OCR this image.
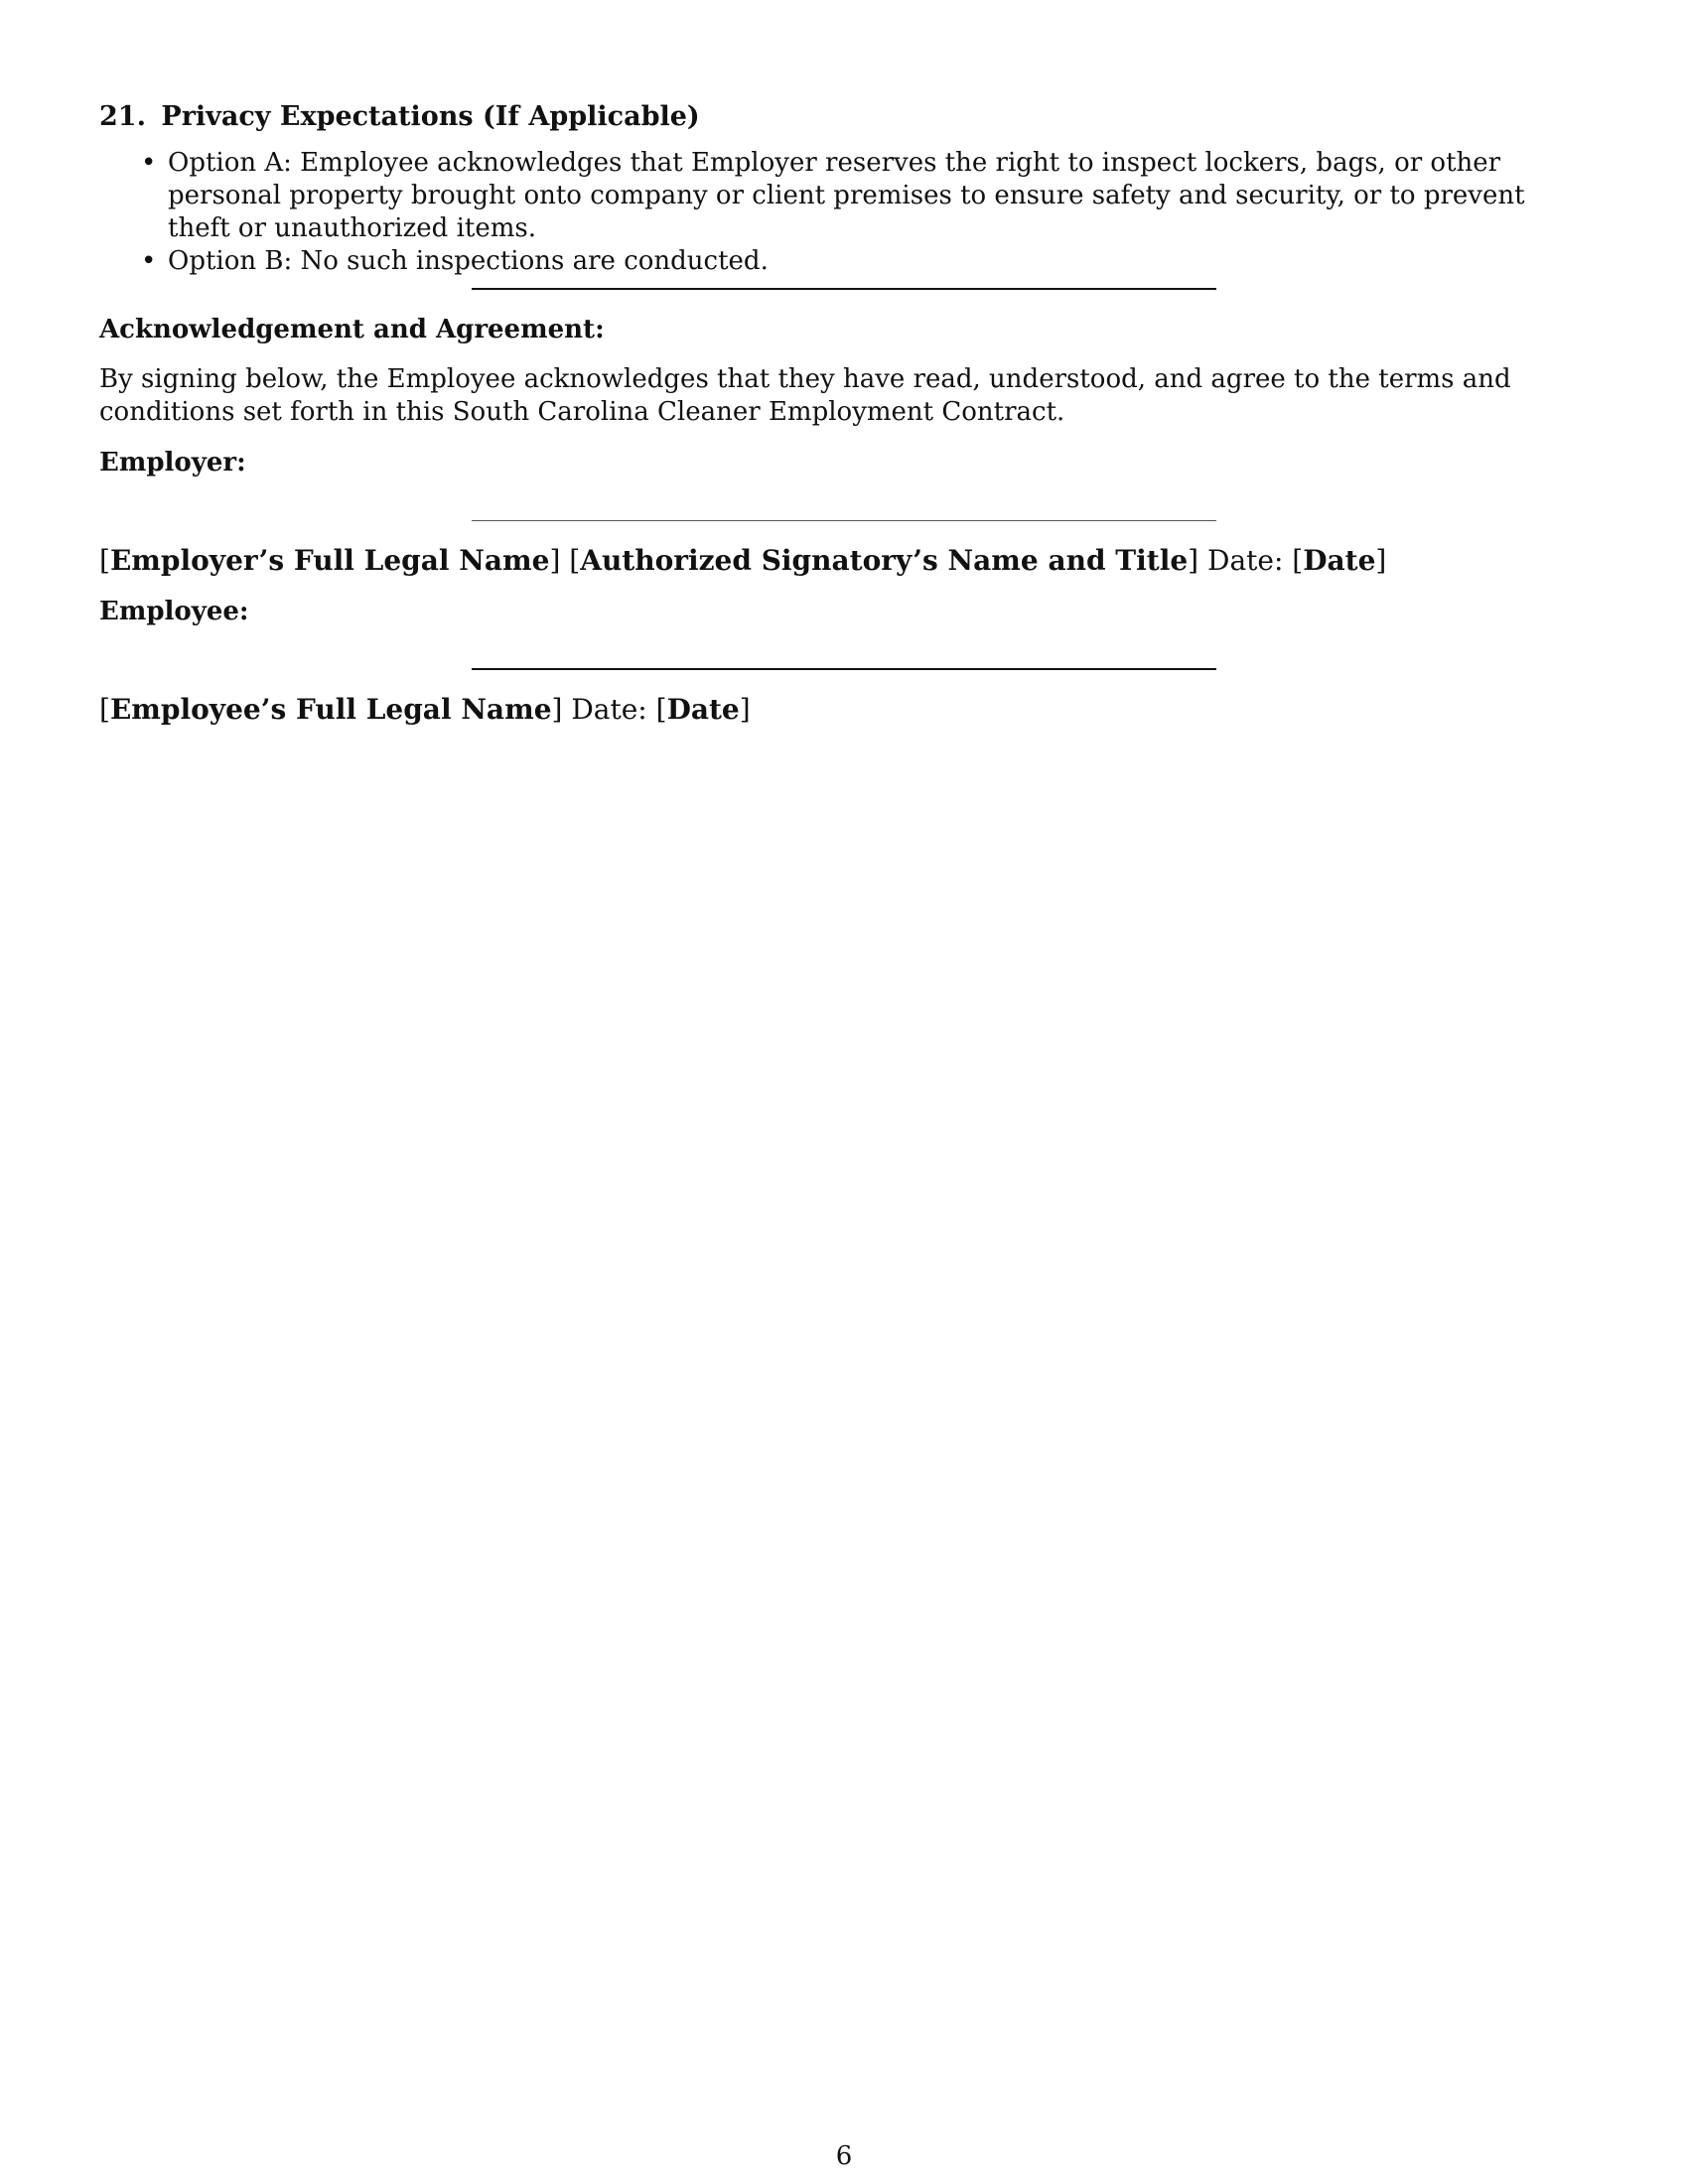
21. Privacy Expectations (If Applicable)
• Option A: Employee acknowledges that Employer reserves the right to inspect lockers, bags, or other personal property brought onto company or client premises to ensure safety and security, or to prevent theft or unauthorized items.
• Option B: No such inspections are conducted.

Acknowledgement and Agreement:

By signing below, the Employee acknowledges that they have read, understood, and agree to the terms and conditions set forth in this South Carolina Cleaner Employment Contract.

Employer:

[Employer’s Full Legal Name] [Authorized Signatory’s Name and Title] Date: [Date]

Employee:

[Employee’s Full Legal Name] Date: [Date]

6
